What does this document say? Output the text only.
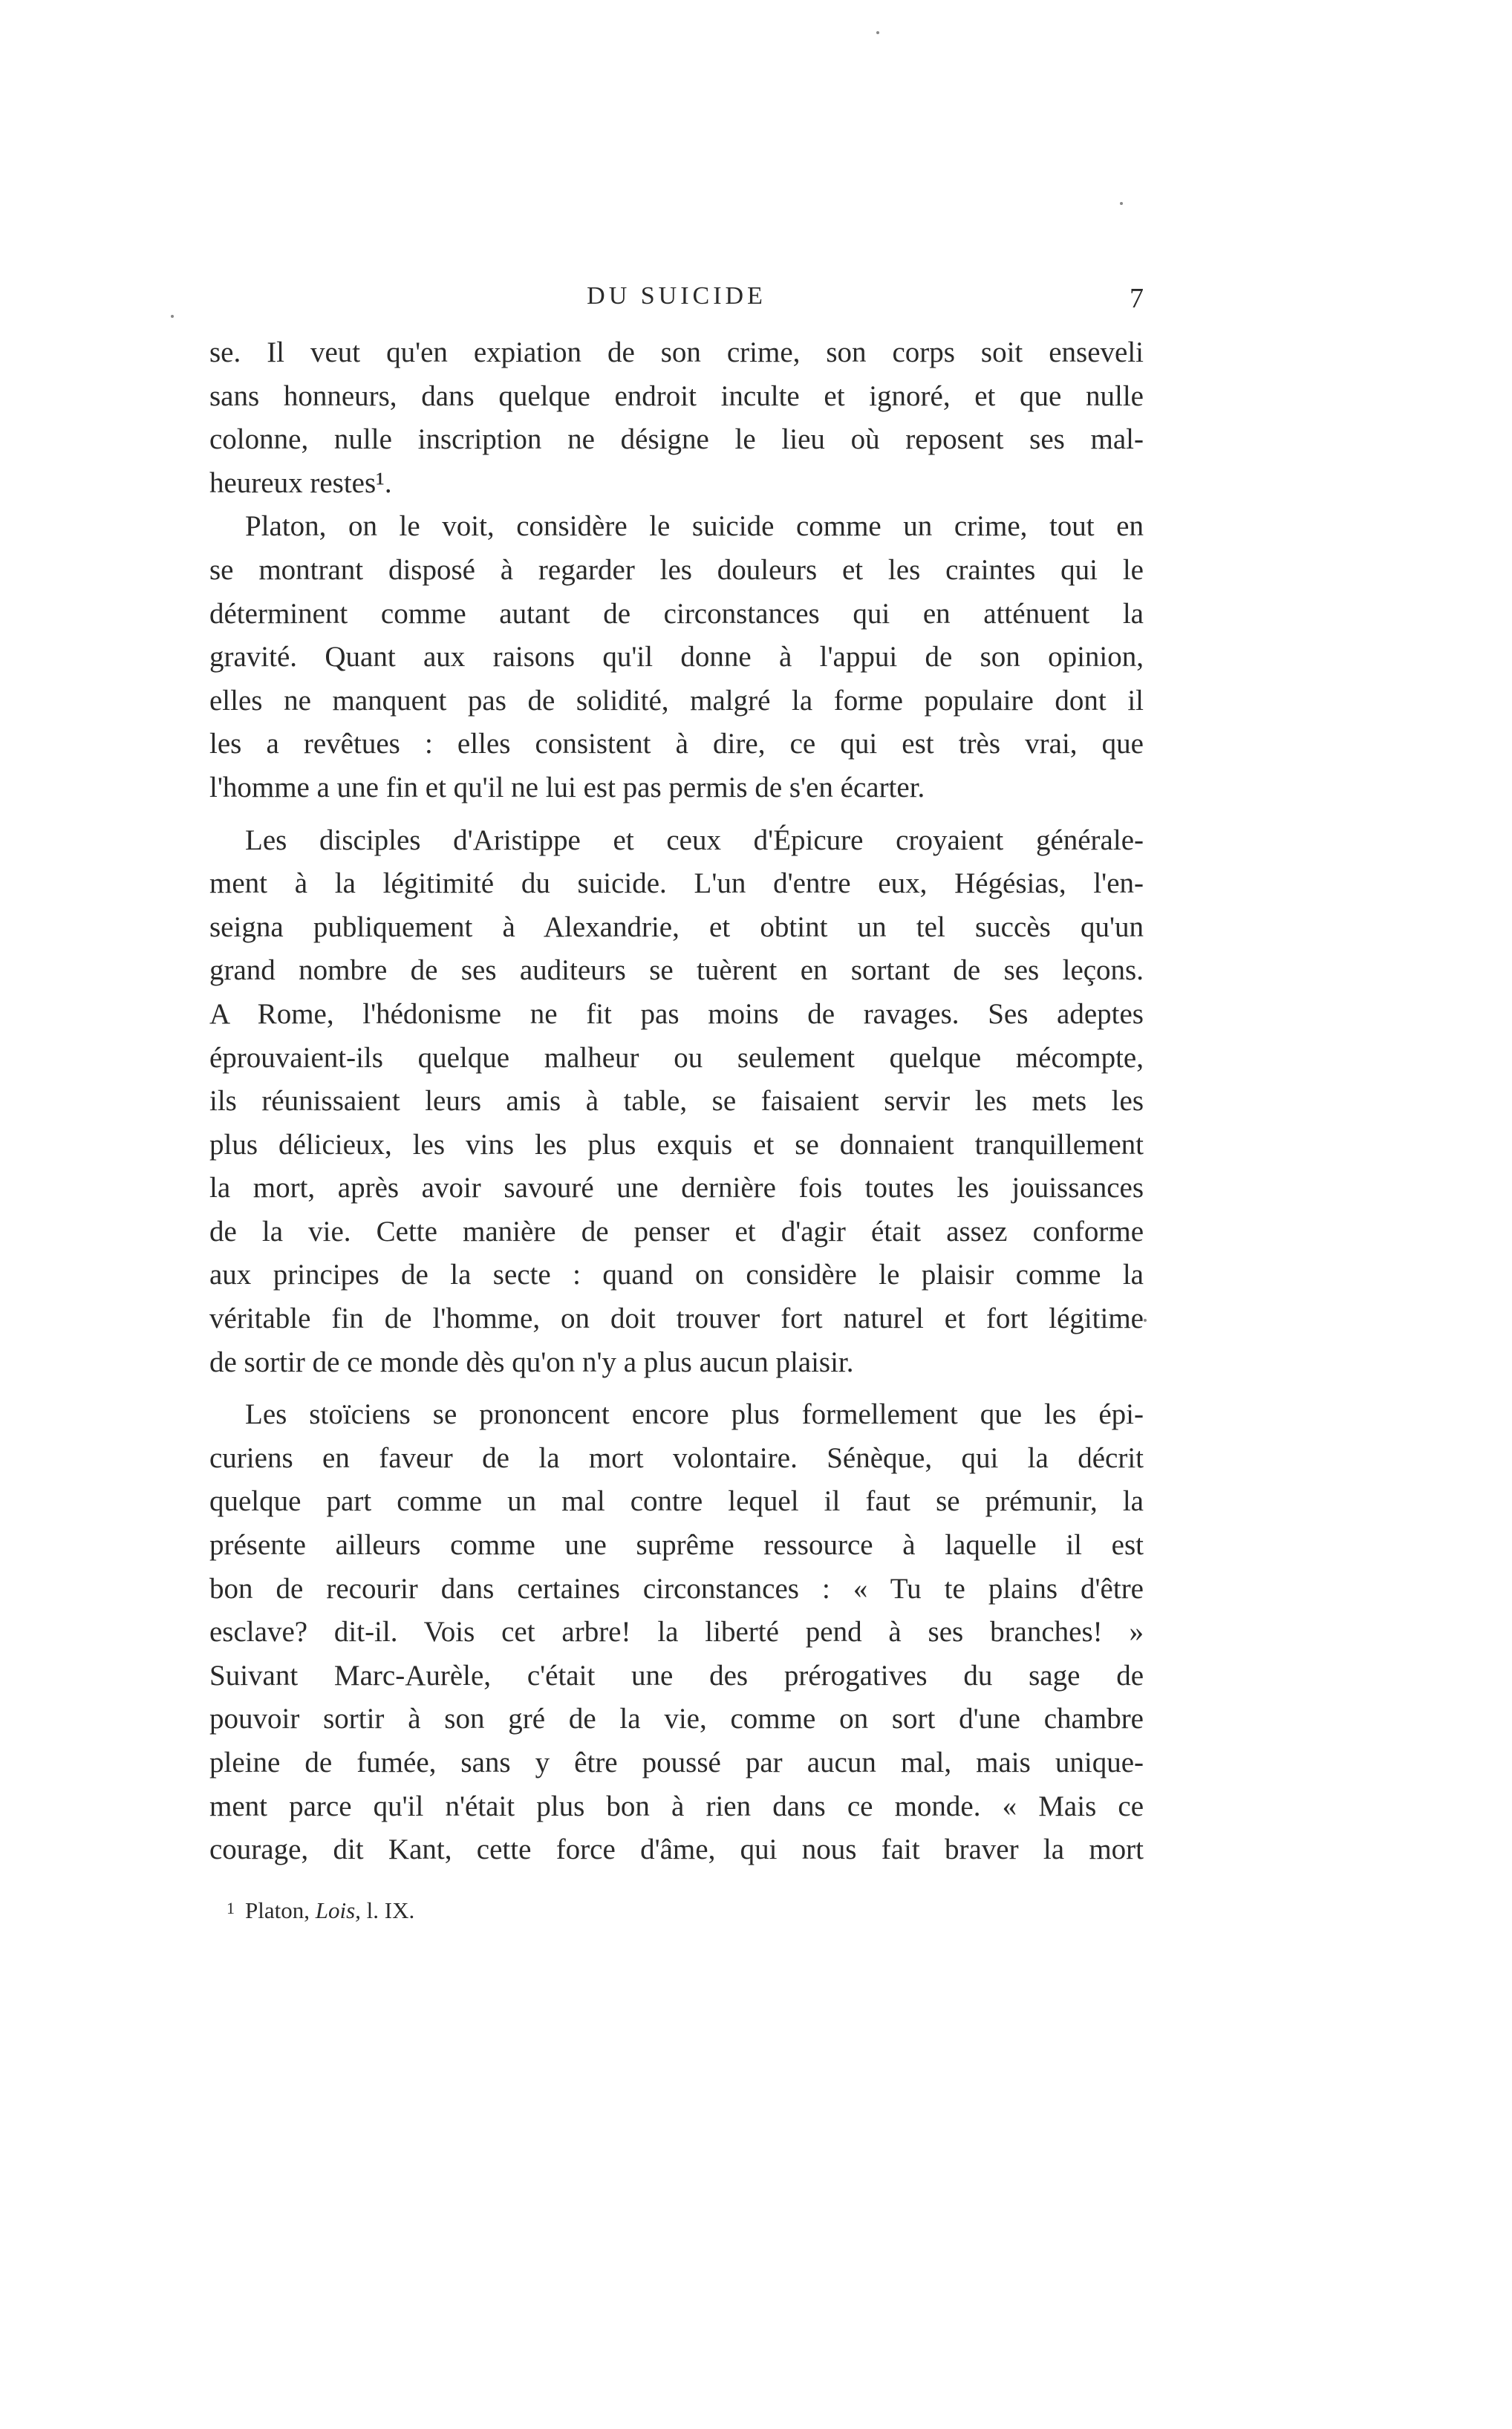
DU SUICIDE	7

se. Il veut qu'en expiation de son crime, son corps soit enseveli
sans honneurs, dans quelque endroit inculte et ignoré, et que nulle
colonne, nulle inscription ne désigne le lieu où reposent ses mal-

heureux restes¹.

Platon, on le voit, considère le suicide comme un crime, tout en
se montrant disposé à regarder les douleurs et les craintes qui le
déterminent comme autant de circonstances qui en atténuent la
gravité. Quant aux raisons qu'il donne à l'appui de son opinion,
elles ne manquent pas de solidité, malgré la forme populaire dont il
les a revêtues : elles consistent à dire, ce qui est très vrai, que

l'homme a une fin et qu'il ne lui est pas permis de s'en écarter.

Les disciples d'Aristippe et ceux d'Épicure croyaient générale-
ment à la légitimité du suicide. L'un d'entre eux, Hégésias, l'en-
seigna publiquement à Alexandrie, et obtint un tel succès qu'un
grand nombre de ses auditeurs se tuèrent en sortant de ses leçons.
A Rome, l'hédonisme ne fit pas moins de ravages. Ses adeptes
éprouvaient-ils quelque malheur ou seulement quelque mécompte,
ils réunissaient leurs amis à table, se faisaient servir les mets les
plus délicieux, les vins les plus exquis et se donnaient tranquillement
la mort, après avoir savouré une dernière fois toutes les jouissances
de la vie. Cette manière de penser et d'agir était assez conforme
aux principes de la secte : quand on considère le plaisir comme la
véritable fin de l'homme, on doit trouver fort naturel et fort légitime

de sortir de ce monde dès qu'on n'y a plus aucun plaisir.

Les stoïciens se prononcent encore plus formellement que les épi-
curiens en faveur de la mort volontaire. Sénèque, qui la décrit
quelque part comme un mal contre lequel il faut se prémunir, la
présente ailleurs comme une suprême ressource à laquelle il est
bon de recourir dans certaines circonstances : « Tu te plains d'être
esclave? dit-il. Vois cet arbre! la liberté pend à ses branches! »
Suivant Marc-Aurèle, c'était une des prérogatives du sage de
pouvoir sortir à son gré de la vie, comme on sort d'une chambre
pleine de fumée, sans y être poussé par aucun mal, mais unique-
ment parce qu'il n'était plus bon à rien dans ce monde. « Mais ce

courage, dit Kant, cette force d'âme, qui nous fait braver la mort

1 Platon, Lois, l. IX.
